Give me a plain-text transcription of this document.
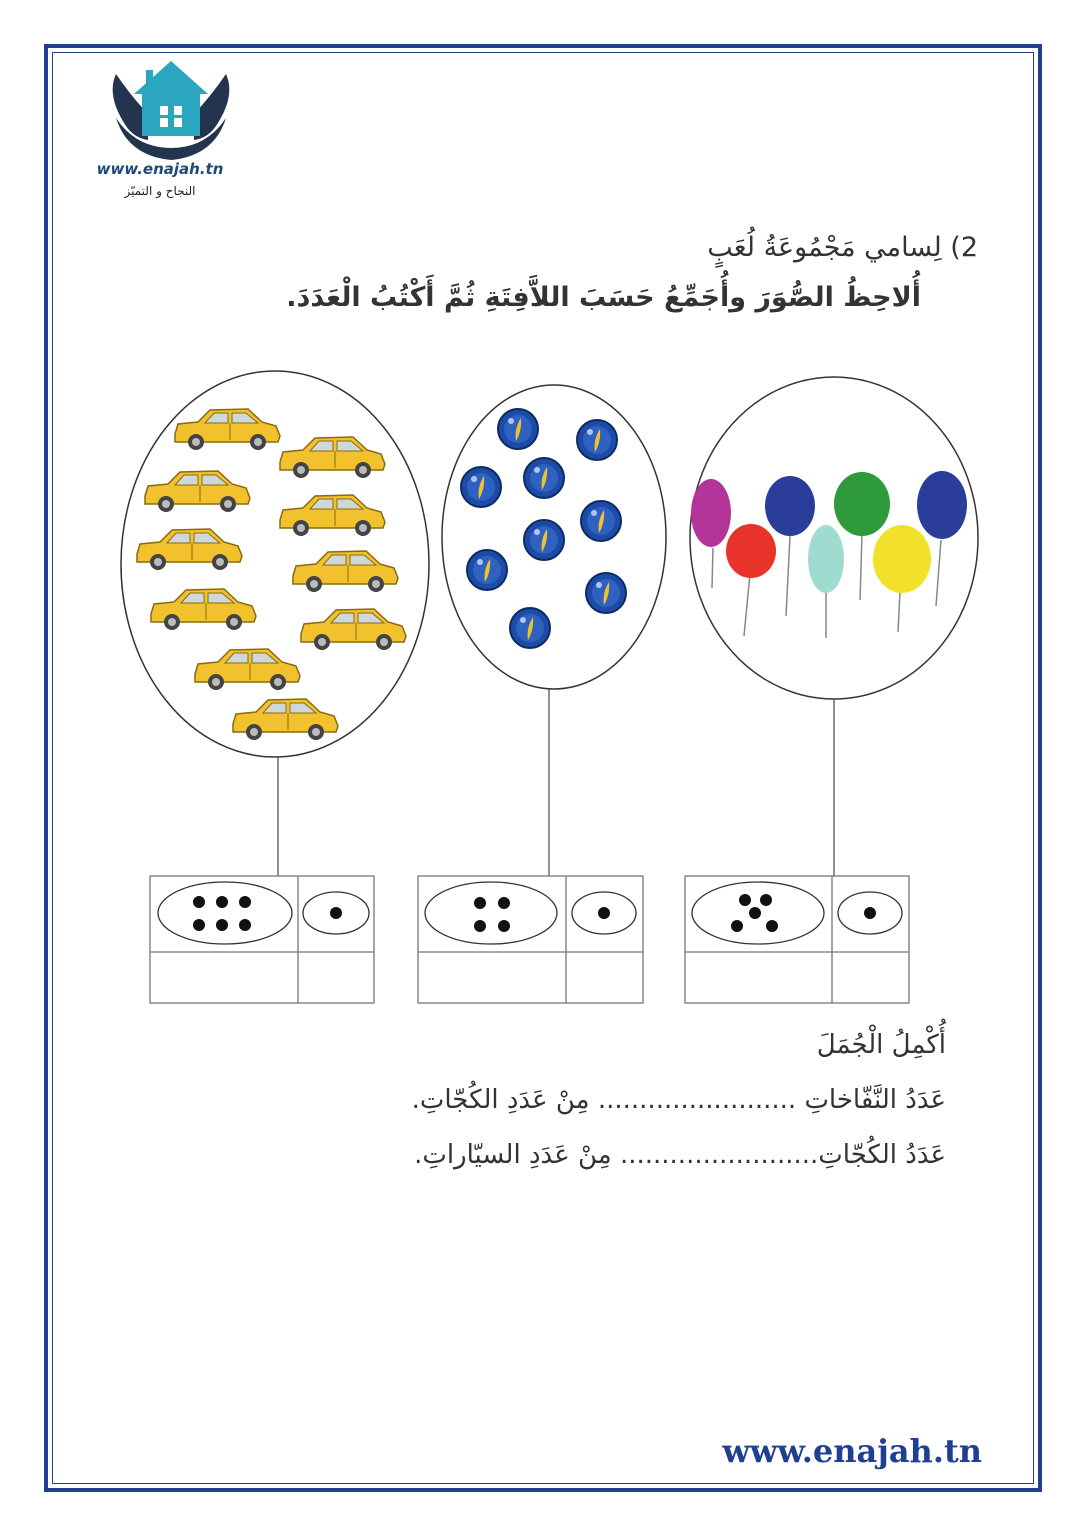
www.enajah.tn
النجاح و التميّز
2) لِسامي مَجْمُوعَةُ لُعَبٍ
أُلاحِظُ الصُّوَرَ وأُجَمِّعُ حَسَبَ اللاَّفِتَةِ ثُمَّ أَكْتُبُ الْعَدَدَ.
أُكْمِلُ الْجُمَلَ
عَدَدُ النَّفّاخاتِ ........................ مِنْ عَدَدِ الكُجّاتِ.
عَدَدُ الكُجّاتِ........................ مِنْ عَدَدِ السيّاراتِ.
www.enajah.tn
